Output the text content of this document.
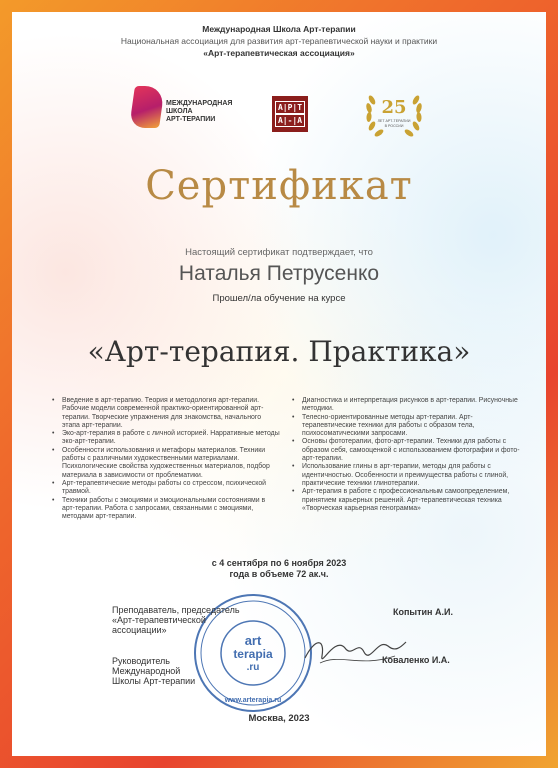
Международная Школа Арт-терапии
Национальная ассоциация для развития арт-терапевтической науки и практики
«Арт-терапевтическая ассоциация»
МЕЖДУНАРОДНАЯ
ШКОЛА
АРТ-ТЕРАПИИ
А|Р|Т
А|-|А
25
ЛЕТ АРТ-ТЕРАПИИ
В РОССИИ
Сертификат
Настоящий сертификат подтверждает, что
Наталья Петрусенко
Прошел/ла обучение на курсе
«Арт-терапия. Практика»
• Введение в арт-терапию. Теория и методология арт-терапии. Рабочие модели современной практико-ориентированной арт-терапии. Творческие упражнения для знакомства, начального этапа арт-терапии.
• Эко-арт-терапия в работе с личной историей. Нарративные методы эко-арт-терапии.
• Особенности использования и метафоры материалов. Техники работы с различными художественными материалами. Психологические свойства художественных материалов, подбор материала в зависимости от проблематики.
• Арт-терапевтические методы работы со стрессом, психической травмой.
• Техники работы с эмоциями и эмоциональными состояниями в арт-терапии. Работа с запросами, связанными с эмоциями, методами арт-терапии.
• Диагностика и интерпретация рисунков в арт-терапии. Рисуночные методики.
• Телесно-ориентированные методы арт-терапии. Арт-терапевтические техники для работы с образом тела, психосоматическими запросами.
• Основы фототерапии, фото-арт-терапии. Техники для работы с образом себя, самооценкой с использованием фотографии и фото-арт-терапии.
• Использование глины в арт-терапии, методы для работы с идентичностью. Особенности и преимущества работы с глиной, практические техники глинотерапии.
• Арт-терапия в работе с профессиональным самоопределением, принятием карьерных решений. Арт-терапевтическая техника «Творческая карьерная генограмма»
с 4 сентября по 6 ноября 2023
года в объеме 72 ак.ч.
art
terapia
.ru
www.arterapia.ru
Преподаватель, председатель
«Арт-терапевтической
ассоциации»
Копытин А.И.
Руководитель
Международной
Школы Арт-терапии
Коваленко И.А.
Москва, 2023
